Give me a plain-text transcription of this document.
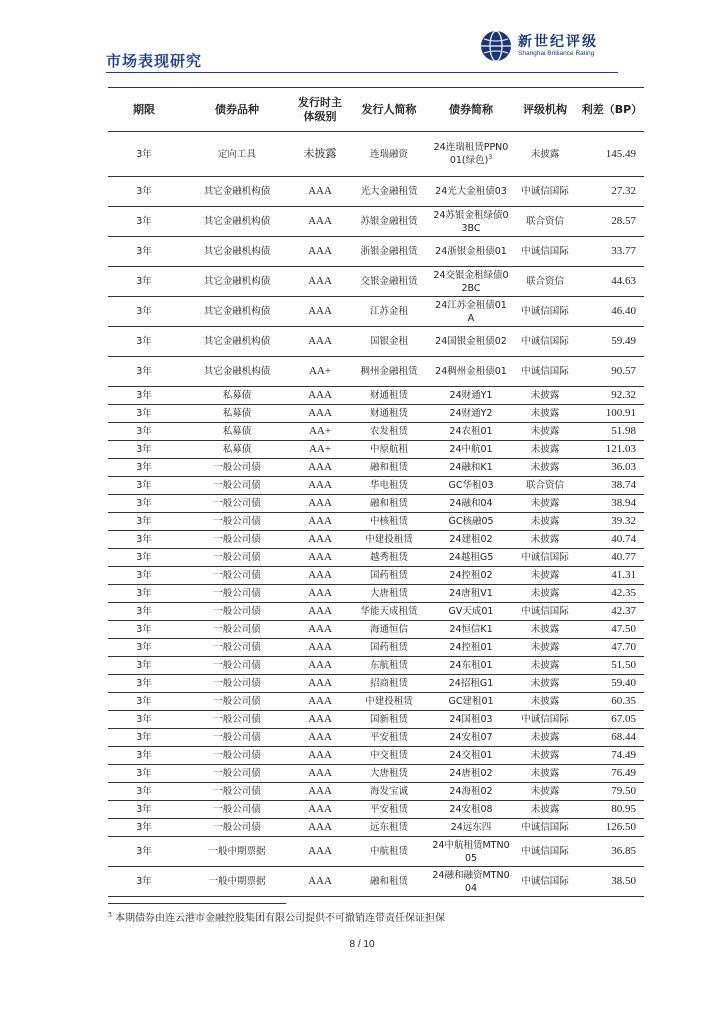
市场表现研究
新世纪评级
Shanghai Brilliance Rating
期限	债券品种	发行时主体级别	发行人简称	债券简称	评级机构	利差（BP）
3年	定向工具	未披露	连瑞融资	24连瑞租赁PPN001(绿色)$^3$	未披露	145.49
3年	其它金融机构债	AAA	光大金融租赁	24光大金租债03	中诚信国际	27.32
3年	其它金融机构债	AAA	苏银金融租赁	24苏银金租绿债03BC	联合资信	28.57
3年	其它金融机构债	AAA	浙银金融租赁	24浙银金租债01	中诚信国际	33.77
3年	其它金融机构债	AAA	交银金融租赁	24交银金租绿债02BC	联合资信	44.63
3年	其它金融机构债	AAA	江苏金租	24江苏金租债01A	中诚信国际	46.40
3年	其它金融机构债	AAA	国银金租	24国银金租债02	中诚信国际	59.49
3年	其它金融机构债	AA+	稠州金融租赁	24稠州金租债01	中诚信国际	90.57
3年	私募债	AAA	财通租赁	24财通Y1	未披露	92.32
3年	私募债	AAA	财通租赁	24财通Y2	未披露	100.91
3年	私募债	AA+	农发租赁	24农租01	未披露	51.98
3年	私募债	AA+	中原航租	24中航01	未披露	121.03
3年	一般公司债	AAA	融和租赁	24融和K1	未披露	36.03
3年	一般公司债	AAA	华电租赁	GC华租03	联合资信	38.74
3年	一般公司债	AAA	融和租赁	24融和04	未披露	38.94
3年	一般公司债	AAA	中核租赁	GC核融05	未披露	39.32
3年	一般公司债	AAA	中建投租赁	24建租02	未披露	40.74
3年	一般公司债	AAA	越秀租赁	24越租G5	中诚信国际	40.77
3年	一般公司债	AAA	国药租赁	24控租02	未披露	41.31
3年	一般公司债	AAA	大唐租赁	24唐租V1	未披露	42.35
3年	一般公司债	AAA	华能天成租赁	GV天成01	中诚信国际	42.37
3年	一般公司债	AAA	海通恒信	24恒信K1	未披露	47.50
3年	一般公司债	AAA	国药租赁	24控租01	未披露	47.70
3年	一般公司债	AAA	东航租赁	24东租01	未披露	51.50
3年	一般公司债	AAA	招商租赁	24招租G1	未披露	59.40
3年	一般公司债	AAA	中建投租赁	GC建租01	未披露	60.35
3年	一般公司债	AAA	国新租赁	24国租03	中诚信国际	67.05
3年	一般公司债	AAA	平安租赁	24安租07	未披露	68.44
3年	一般公司债	AAA	中交租赁	24交租01	未披露	74.49
3年	一般公司债	AAA	大唐租赁	24唐租02	未披露	76.49
3年	一般公司债	AAA	海发宝诚	24海租02	未披露	79.50
3年	一般公司债	AAA	平安租赁	24安租08	未披露	80.95
3年	一般公司债	AAA	远东租赁	24远东四	中诚信国际	126.50
3年	一般中期票据	AAA	中航租赁	24中航租赁MTN005	中诚信国际	36.85
3年	一般中期票据	AAA	融和租赁	24融和融资MTN004	中诚信国际	38.50
$^3$ 本期债券由连云港市金融控股集团有限公司提供不可撤销连带责任保证担保
8 / 10
